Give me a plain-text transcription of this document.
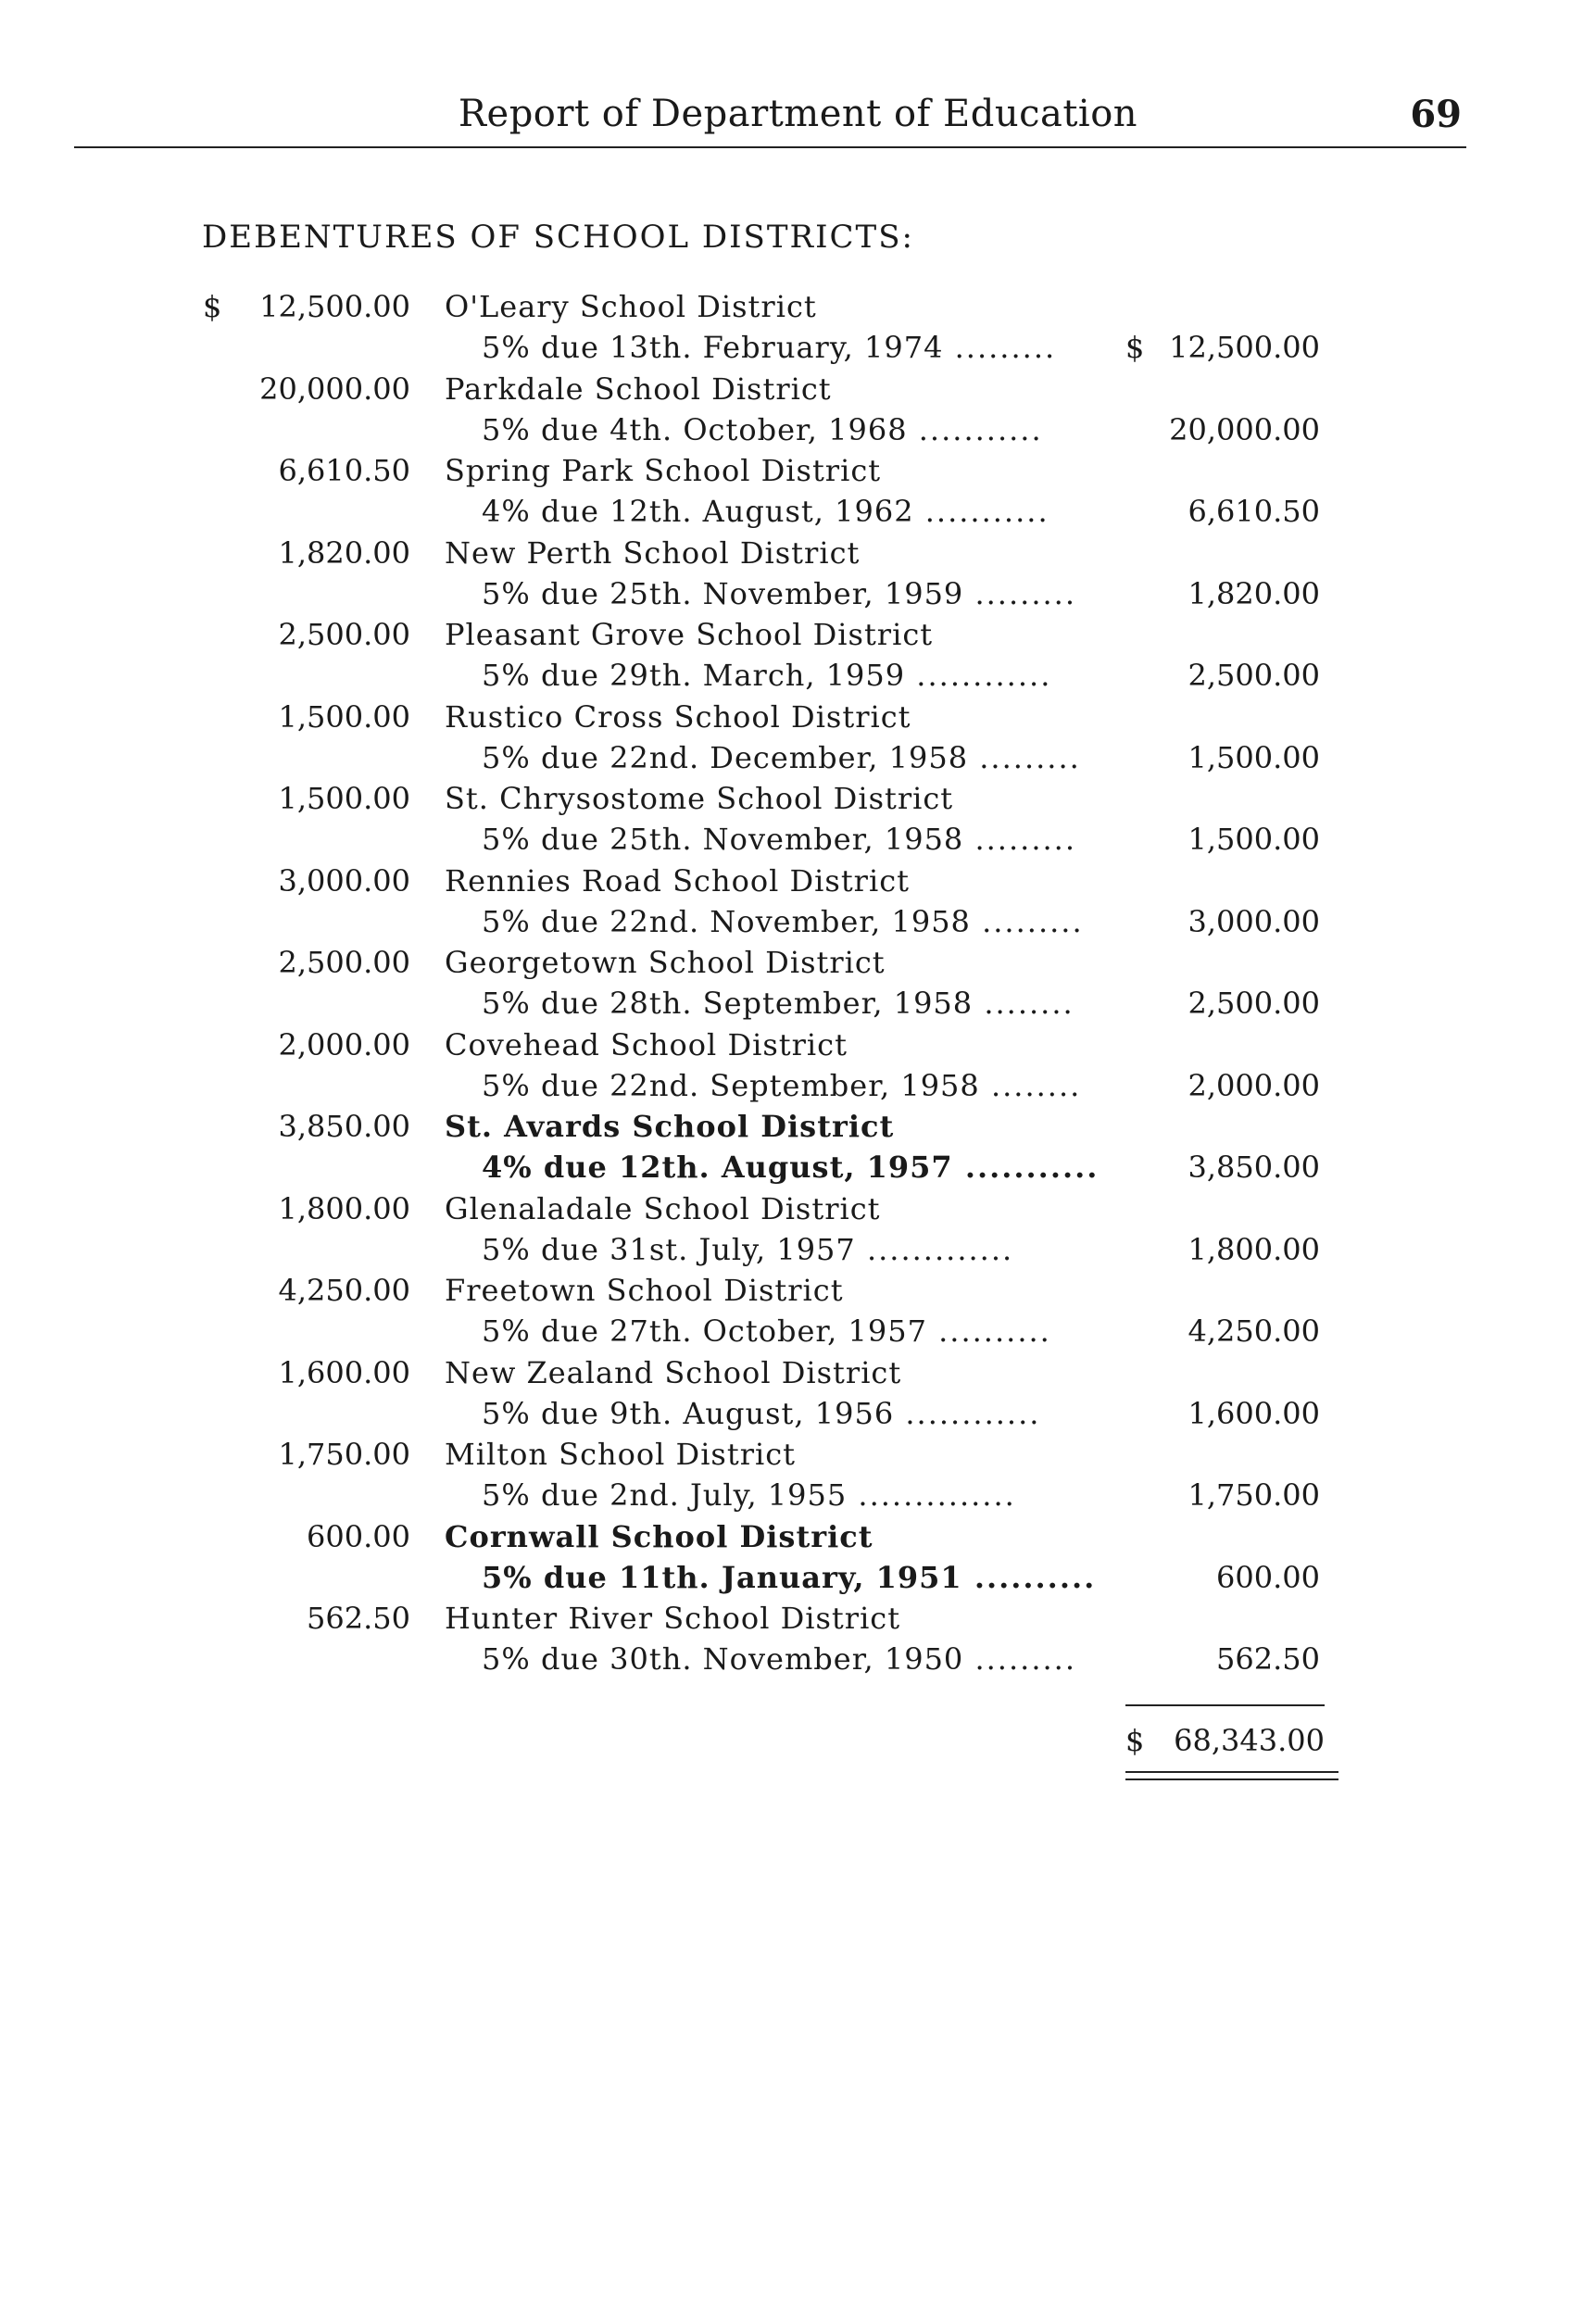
Report of Department of Education	69
DEBENTURES OF SCHOOL DISTRICTS:
$ 12,500.00 O'Leary School District
5% due 13th. February, 1974 ......... $ 12,500.00
20,000.00 Parkdale School District
5% due 4th. October, 1968 ...........	20,000.00
6,610.50 Spring Park School District
4% due 12th. August, 1962 ...........	6,610.50
1,820.00 New Perth School District
5% due 25th. November, 1959 .........	1,820.00
2,500.00 Pleasant Grove School District
5% due 29th. March, 1959 ............	2,500.00
1,500.00 Rustico Cross School District
5% due 22nd. December, 1958 .........	1,500.00
1,500.00 St. Chrysostome School District
5% due 25th. November, 1958 .........	1,500.00
3,000.00 Rennies Road School District
5% due 22nd. November, 1958 .........	3,000.00
2,500.00 Georgetown School District
5% due 28th. September, 1958 ........	2,500.00
2,000.00 Covehead School District
5% due 22nd. September, 1958 ........	2,000.00
3,850.00 St. Avards School District
4% due 12th. August, 1957 ...........	3,850.00
1,800.00 Glenaladale School District
5% due 31st. July, 1957 .............	1,800.00
4,250.00 Freetown School District
5% due 27th. October, 1957 ..........	4,250.00
1,600.00 New Zealand School District
5% due 9th. August, 1956 ............	1,600.00
1,750.00 Milton School District
5% due 2nd. July, 1955 ..............	1,750.00
600.00 Cornwall School District
5% due 11th. January, 1951 ..........	600.00
562.50 Hunter River School District
5% due 30th. November, 1950 .........	562.50
$ 68,343.00
